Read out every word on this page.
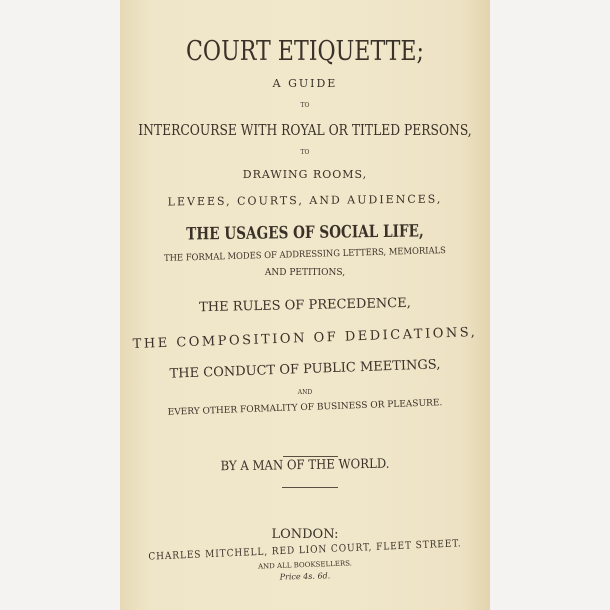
COURT ETIQUETTE;
A GUIDE
TO
INTERCOURSE WITH ROYAL OR TITLED PERSONS,
TO
DRAWING ROOMS,
LEVEES, COURTS, AND AUDIENCES,
THE USAGES OF SOCIAL LIFE,
THE FORMAL MODES OF ADDRESSING LETTERS, MEMORIALS
AND PETITIONS,
THE RULES OF PRECEDENCE,
THE COMPOSITION OF DEDICATIONS,
THE CONDUCT OF PUBLIC MEETINGS,
AND
EVERY OTHER FORMALITY OF BUSINESS OR PLEASURE.
BY A MAN OF THE WORLD.
LONDON:
CHARLES MITCHELL, RED LION COURT, FLEET STREET.
AND ALL BOOKSELLERS.
Price 4s. 6d.
